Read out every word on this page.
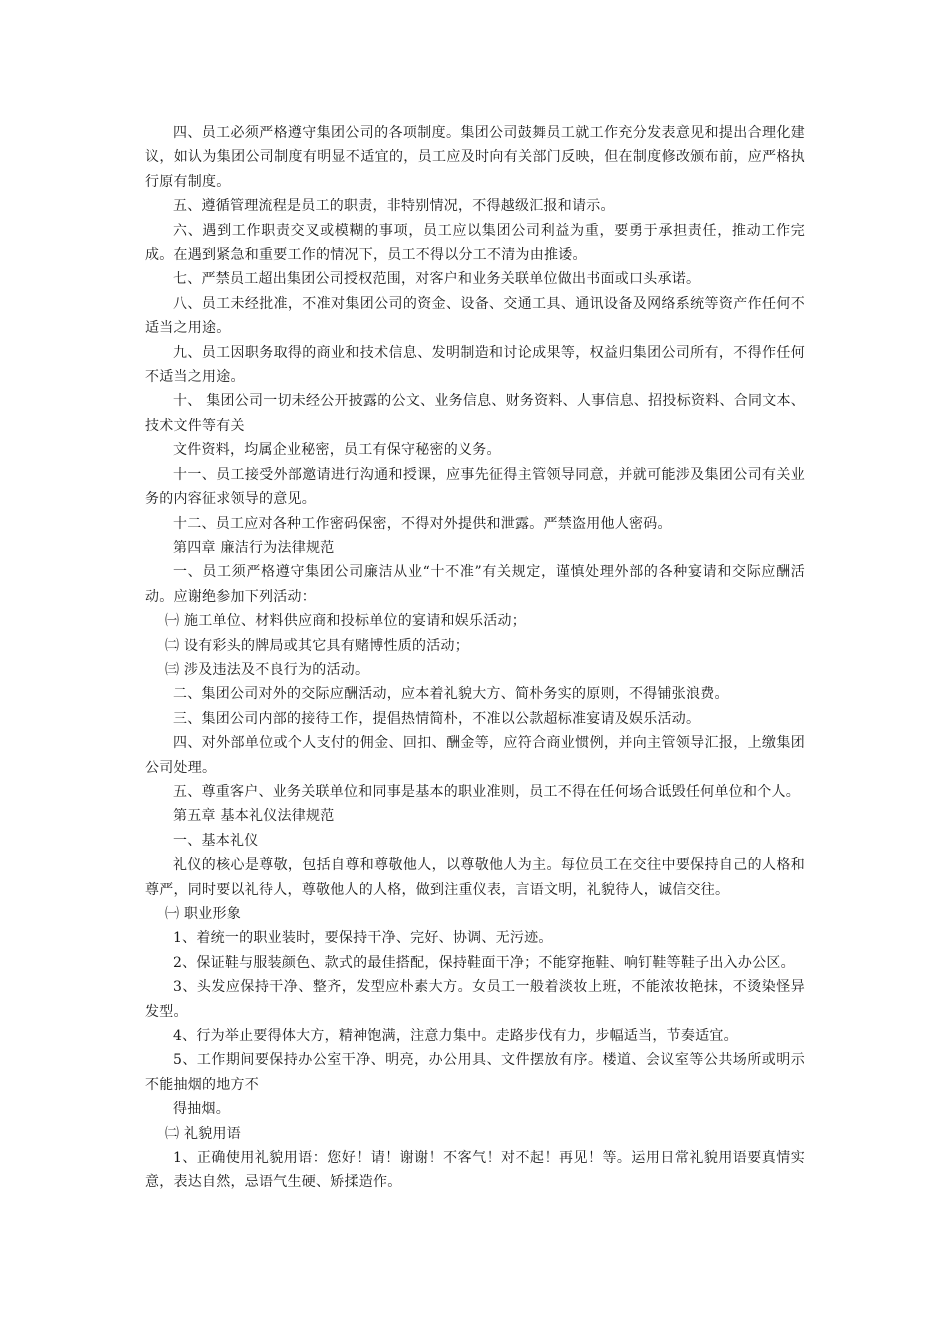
四、员工必须严格遵守集团公司的各项制度。集团公司鼓舞员工就工作充分发表意见和提出合理化建议，如认为集团公司制度有明显不适宜的，员工应及时向有关部门反映，但在制度修改颁布前，应严格执行原有制度。

五、遵循管理流程是员工的职责，非特别情况，不得越级汇报和请示。

六、遇到工作职责交叉或模糊的事项，员工应以集团公司利益为重，要勇于承担责任，推动工作完成。在遇到紧急和重要工作的情况下，员工不得以分工不清为由推诿。

七、严禁员工超出集团公司授权范围，对客户和业务关联单位做出书面或口头承诺。

八、员工未经批准，不准对集团公司的资金、设备、交通工具、通讯设备及网络系统等资产作任何不适当之用途。

九、员工因职务取得的商业和技术信息、发明制造和讨论成果等，权益归集团公司所有，不得作任何不适当之用途。

十、 集团公司一切未经公开披露的公文、业务信息、财务资料、人事信息、招投标资料、合同文本、技术文件等有关

文件资料，均属企业秘密，员工有保守秘密的义务。

十一、员工接受外部邀请进行沟通和授课，应事先征得主管领导同意，并就可能涉及集团公司有关业务的内容征求领导的意见。

十二、员工应对各种工作密码保密，不得对外提供和泄露。严禁盗用他人密码。

第四章 廉洁行为法律规范

一、员工须严格遵守集团公司廉洁从业“十不准”有关规定，谨慎处理外部的各种宴请和交际应酬活动。应谢绝参加下列活动：

㈠ 施工单位、材料供应商和投标单位的宴请和娱乐活动；

㈡ 设有彩头的牌局或其它具有赌博性质的活动；

㈢ 涉及违法及不良行为的活动。

二、集团公司对外的交际应酬活动，应本着礼貌大方、简朴务实的原则，不得铺张浪费。

三、集团公司内部的接待工作，提倡热情简朴，不准以公款超标准宴请及娱乐活动。

四、对外部单位或个人支付的佣金、回扣、酬金等，应符合商业惯例，并向主管领导汇报，上缴集团公司处理。

五、尊重客户、业务关联单位和同事是基本的职业准则，员工不得在任何场合诋毁任何单位和个人。

第五章 基本礼仪法律规范

一、基本礼仪

礼仪的核心是尊敬，包括自尊和尊敬他人，以尊敬他人为主。每位员工在交往中要保持自己的人格和尊严，同时要以礼待人，尊敬他人的人格，做到注重仪表，言语文明，礼貌待人，诚信交往。

㈠ 职业形象

1、着统一的职业装时，要保持干净、完好、协调、无污迹。

2、保证鞋与服装颜色、款式的最佳搭配，保持鞋面干净；不能穿拖鞋、响钉鞋等鞋子出入办公区。

3、头发应保持干净、整齐，发型应朴素大方。女员工一般着淡妆上班，不能浓妆艳抹，不烫染怪异发型。

4、行为举止要得体大方，精神饱满，注意力集中。走路步伐有力，步幅适当，节奏适宜。

5、工作期间要保持办公室干净、明亮，办公用具、文件摆放有序。楼道、会议室等公共场所或明示不能抽烟的地方不

得抽烟。

㈡ 礼貌用语

1、正确使用礼貌用语：您好！请！谢谢！不客气！对不起！再见！等。运用日常礼貌用语要真情实意，表达自然，忌语气生硬、矫揉造作。
